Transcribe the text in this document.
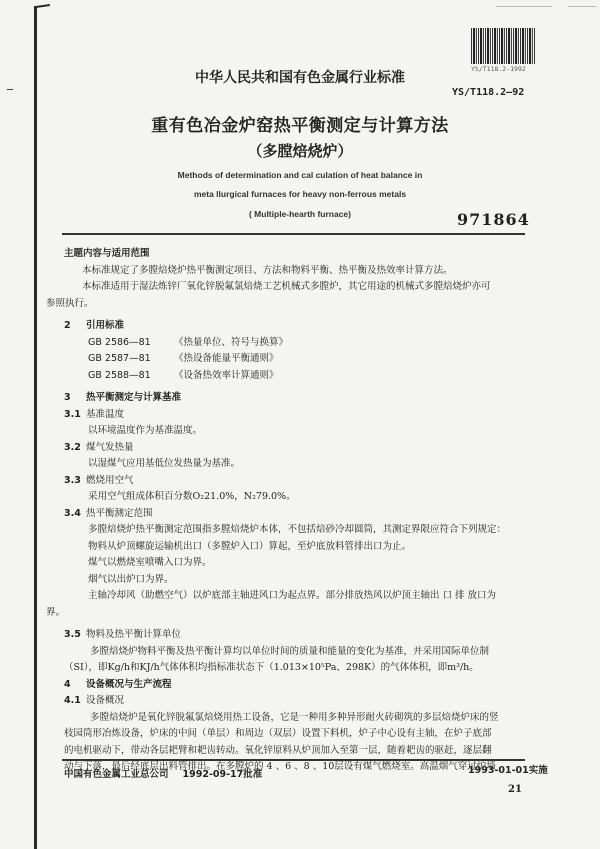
YS/T118.2-1992
中华人民共和国有色金属行业标准
YS/T118.2—92
重有色冶金炉窑热平衡测定与计算方法
（多膛焙烧炉）
Methods of determination and cal culation of heat balance in
meta llurgical furnaces for heavy non-ferrous metals
( Multiple-hearth furnace)	971864
主题内容与适用范围
本标准规定了多膛焙烧炉热平衡测定项目、方法和物料平衡、热平衡及热效率计算方法。
本标准适用于湿法炼锌厂氧化锌脱氟氯焙烧工艺机械式多膛炉，其它用途的机械式多膛焙烧炉亦可
参照执行。
2 引用标准
GB 2586—81 《热量单位、符号与换算》
GB 2587—81 《热设备能量平衡通则》
GB 2588—81 《设备热效率计算通则》
3 热平衡测定与计算基准
3.1 基准温度
以环境温度作为基准温度。
3.2 煤气发热量
以湿煤气应用基低位发热量为基准。
3.3 燃烧用空气
采用空气组成体积百分数O₂21.0%，N₂79.0%。
3.4 热平衡测定范围
多膛焙烧炉热平衡测定范围指多膛焙烧炉本体，不包括焙砂冷却圆筒，其测定界限应符合下列规定：
物料从炉顶螺旋运输机出口（多膛炉入口）算起，至炉底放料管排出口为止。
煤气以燃烧室喷嘴入口为界。
烟气以出炉口为界。
主轴冷却风（助燃空气）以炉底部主轴进风口为起点界。部分排放热风以炉顶主轴出 口 排 放口为
界。
3.5 物料及热平衡计算单位
多膛焙烧炉物料平衡及热平衡计算均以单位时间的质量和能量的变化为基准，并采用国际单位制
（SI），即Kg/h和KJ/h气体体积均指标准状态下（1.013×10⁵Pa、298K）的气体体积，即m³/h。
4 设备概况与生产流程
4.1 设备概况
多膛焙烧炉是氧化锌脱氟氯焙烧用热工设备，它是一种用多种异形耐火砖砌筑的多层焙烧炉床的竖
枝园筒形冶炼设备，炉床的中间（单层）和周边（双层）设置下料机，炉子中心设有主轴，在炉子底部
的电机驱动下，带动各层耙臂和耙齿转动。氧化锌原料从炉顶加入至第一层，随着耙齿的驱赶，逐层翻
动与下落，最后经底层出料管排出。在多膛炉的 4 、6 、8 、10层设有煤气燃烧室。高温烟气穿过炉墙
中国有色金属工业总公司 1992-09-17批准	1993-01-01实施
21
